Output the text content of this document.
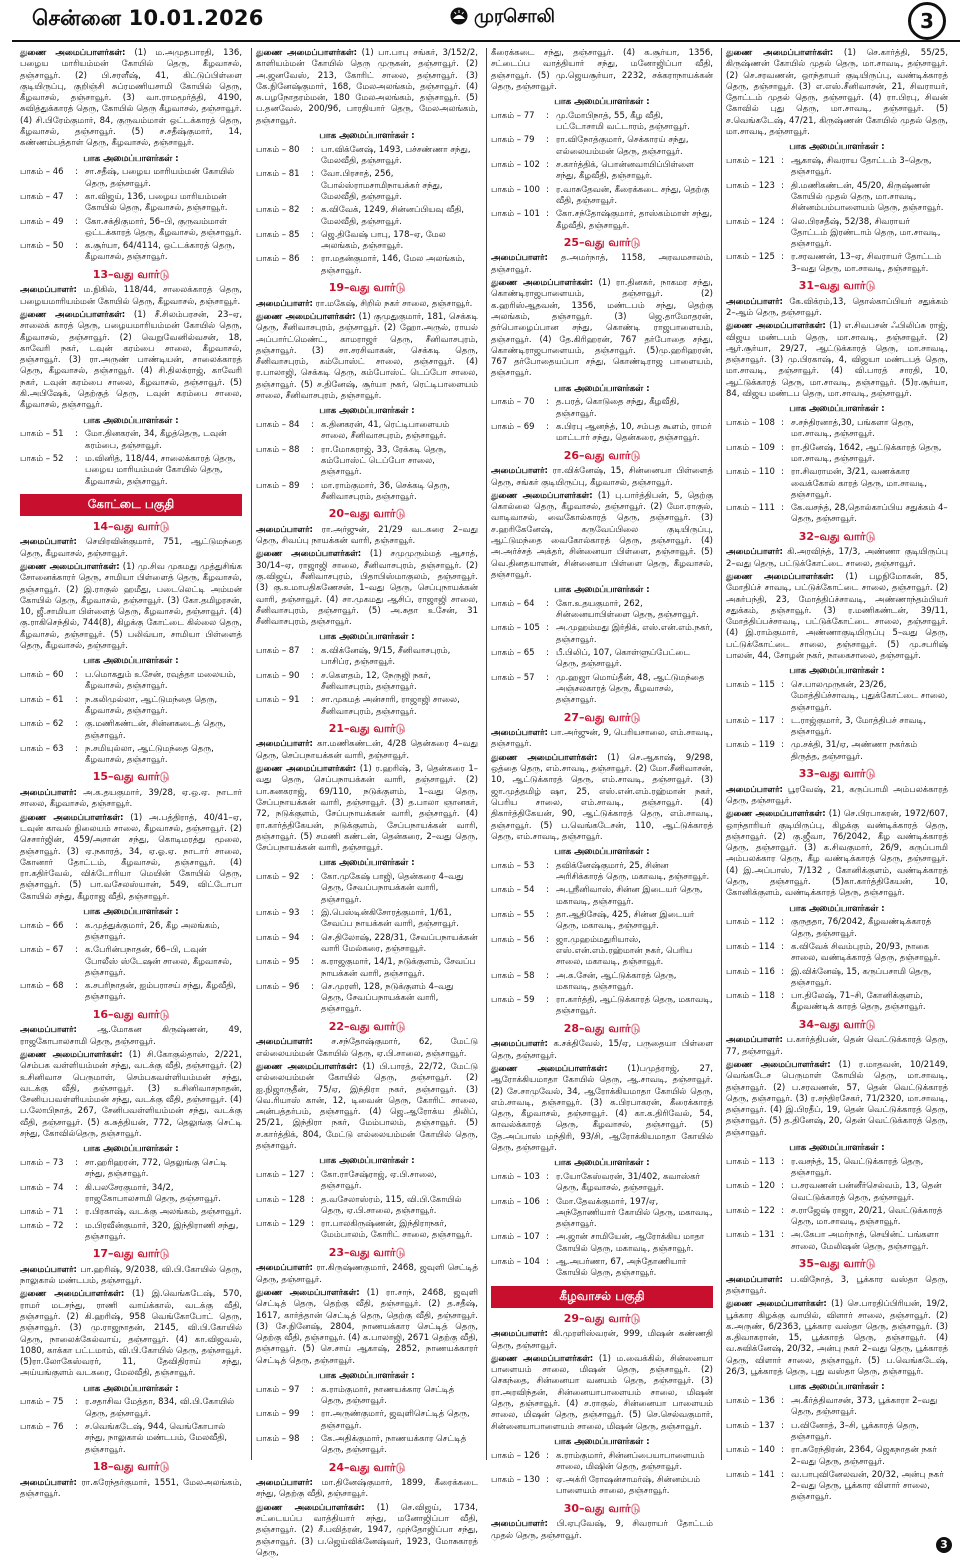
சென்னை 10.01.2026	முரசொலி	3

துணை அமைப்பாளர்கள்: (1) ம.அமுதபாரதி, 136, பழைய மாரியம்மன் கோயில் தெரு, கீழவாசல், தஞ்சாவூர். (2) பி.சரளீஷ், 41, கிட்டுப்பிள்ளை குடியிருப்பு, குறிஞ்சி சுப்ரமணியசாமி கோயில் தெரு, கீழவாசல், தஞ்சாவூர். (3) வா.ராமமூர்த்தி, 4190, சுவித்துக்காரத் தெரு, கோயில் தெரு கீழவாசல், தஞ்சாவூர். (4) சி.பிரேம்குமார், 84, குருவம்மாள் ஒட்டக்காரத் தெரு, கீழவாசல், தஞ்சாவூர். (5) ச.சதீஷ்குமார், 14, கண்ணம்பத்தாள் தெரு, கீழவாசல், தஞ்சாவூர்.

பாக அமைப்பாளர்கள் :
பாகம் – 46	: சா.சதீஷ், பழைய மாரியம்மன் கோயில் தெரு, தஞ்சாவூர்.
பாகம் – 47	: கா.விஜய், 136, பழைய மாரியம்மன் கோயில் தெரு, கீழவாசல், தஞ்சாவூர்.
பாகம் – 49	: கோ.சக்திகுமார், 56–பி, குருவம்மாள் ஒட்டக்காரத் தெரு, கீழவாசல், தஞ்சாவூர்.
பாகம் – 50	: க.சூர்யா, 64/4114, ஒட்டக்காரத் தெரு, கீழவாசல், தஞ்சாவூர்.
13–வது வார்டு

அமைப்பாளர்: ம.நிகில், 118/44, சாலைக்காரத் தெரு, பழையமாரியம்மன் கோயில் தெரு, கீழவாசல், தஞ்சாவூர்.

துணை அமைப்பாளர்கள்: (1) சீ.சிலம்பரசன், 23–ஏ, சாலைக் காரத் தெரு, பழையமாரியம்மன் கோயில் தெரு, கீழவாசல், தஞ்சாவூர். (2) வெறுவேனில்வசன், 18, காவேரி நகர், டவுன் கரம்பை சாலை, கீழவாசல், தஞ்சாவூர். (3) ரா.அருண் பாண்டியன், சாலைக்காரத் தெரு, கீழவாசல், தஞ்சாவூர். (4) சி.திலக்ராஜ், காவேரி நகர், டவுன் கரம்பை சாலை, கீழவாசல், தஞ்சாவூர். (5) கி.அபிஷேக், தெற்குத் தெரு, டவுன் கரம்பை சாலை, கீழவாசல், தஞ்சாவூர்.

பாக அமைப்பாளர்கள் :
பாகம் – 51	: மோ.தினகரன், 34, கீழத்தெரு, டவுன் கரம்பை, தஞ்சாவூர்.
பாகம் – 52	: ம.வினித், 118/44, சாலைக்காரத் தெரு, பழைய மாரியம்மன் கோயில் தெரு, கீழவாசல், தஞ்சாவூர்.
கோட்டை பகுதி
14–வது வார்டு

அமைப்பாளர்: செயிரவின்குமார், 751, ஆட்டுமந்தை தெரு, கீழவாசல், தஞ்சாவூர்.

துணை அமைப்பாளர்கள்: (1) மு.சிவ முகமது முத்துசிங்க சோனைக்காரர் தெரு, சாமியா பிள்ளைத் தெரு, கீழவாசல், தஞ்சாவூர். (2) இ.ராகுல் ஹமீது, படைலெட்டி அம்மன் கோயில் தெரு, கீழவாசல், தஞ்சாவூர். (3) கோ.தமிழரசன், 10, ஜீ.சாமியா பிள்ளைத் தெரு, கீழவாசல், தஞ்சாவூர். (4) கு.ராகிசெந்தில், 744(8), கிழக்கு கோட்டை கில்லை தெரு, கீழவாசல், தஞ்சாவூர். (5) பலிவ்யா, சாமியா பிள்ளைத் தெரு, கீழவாசல், தஞ்சாவூர்.

பாக அமைப்பாளர்கள் :
பாகம் – 60	: ப.மொகதும் உசேன், ரவுத்தா மலையம், கீழவாசல், தஞ்சாவூர்.
பாகம் – 61	: ந.கலிமுல்லா, ஆட்டுமந்தை தெரு, கீழவாசல், தஞ்சாவூர்.
பாகம் – 62	: கு.மணிகண்டன், சின்னகடைத் தெரு, தஞ்சாவூர்.
பாகம் – 63	: ந.சமியுல்லா, ஆட்டுமந்தை தெரு, கீழவாசல், தஞ்சாவூர்.
15–வது வார்டு

அமைப்பாளர்: அ.க.தயகுமார், 39/28, ஏ.ஒ.ஏ. நாடார் சாலை, கீழவாசல், தஞ்சாவூர்.

துணை அமைப்பாளர்கள்: (1) அ.பத்திராத், 40/41–ஏ, டவுன் காவல் நிலையம் சாலை, கீழவாசல், தஞ்சாவூர். (2) செசார்ஜின், 459/அசான் சந்து, கொடிமரத்து மூலை, தஞ்சாவூர். (3) ஏ.நகாரத், 34, ஏ.ஓ.ஏ. நாடார் சாலை, கோனார் தோட்டம், கீழவாசல், தஞ்சாவூர். (4) ரா.கதிர்வேல், விக்டோரியா மெயின் கோயில் தெரு, தஞ்சாவூர். (5) பா.வசேலஸ்யான், 549, விட்டோபா கோயில் சந்து, கீழராஜ வீதி, தஞ்சாவூர்.

பாக அமைப்பாளர்கள் :
பாகம் – 66	: க.முத்துக்குமார், 26, கீழ அலங்கம், தஞ்சாவூர்.
பாகம் – 67	: க.பேரின்பநாதன், 66–பி, டவுன் போலீஸ் ஸ்டேஷன் சாலை, கீழவாசல், தஞ்சாவூர்.
பாகம் – 68	: க.சபரிநாதன், ஐம்பராசய் சந்து, கீழவீதி, தஞ்சாவூர்.
16–வது வார்டு

அமைப்பாளர்: ஆ.மோகன கிருஷ்ணன், 49, ராஜகோபாலசாமி தெரு, தஞ்சாவூர்.

துணை அமைப்பாளர்கள்: (1) சி.கோகுல்தாஸ், 2/221, செம்பக வள்ளியம்மன் சந்து, வடக்கு வீதி, தஞ்சாவூர். (2) உசினிவாச பெருமாள், செம்பகவள்ளியம்மன் சந்து, வடக்கு வீதி, தஞ்சாவூர். (3) உசினிவாசநாதன், சேனியபவள்ளியம்மன் சந்து, வடக்கு வீதி, தஞ்சாவூர். (4) ப.லோபிநாத், 267, சேனிபவள்ளியம்மன் சந்து, வடக்கு வீதி, தஞ்சாவூர். (5) க.சுத்தியன், 772, தெலுங்கு செட்டி சந்து, கோவில்தெரு, தஞ்சாவூர்.

பாக அமைப்பாளர்கள் :
பாகம் – 73	: சா.ஹரிஹரன், 772, தெலுங்கு செட்டி சந்து, தஞ்சாவூர்.
பாகம் – 74	: கி.பலசேரகுமார், 34/2, ராஜகோபாலசாமி தெரு, தஞ்சாவூர்.
பாகம் – 71	: ர.பிரகாஷ், வடக்கு அலங்கம், தஞ்சாவூர்.
பாகம் – 72	: ம.பிரவீன்குமார், 320, இந்திராணி சந்து, தஞ்சாவூர்.
17–வது வார்டு

அமைப்பாளர்: பா.ஹரிஷ், 9/2038, வி.பி.கோயில் தெரு, நாலுகால் மண்டபம், தஞ்சாவூர்.

துணை அமைப்பாளர்கள்: (1) இ.வெங்கடேஷ், 570, ராமர் மடசந்து, ராணி வாய்க்கால், வடக்கு வீதி, தஞ்சாவூர். (2) கி.ஹரிஷ், 958 வெங்கோபோட் தெரு, தஞ்சாவூர். (3) மு.ராஜநாதன், 2145, வி.பி.கோயில் தெரு, நாலைக்கேல்வாய், தஞ்சாவூர். (4) கா.விஜவல், 1080, காக்கா பட்டமாம், வி.பி.கோயில் தெரு, தஞ்சாவூர். (5)ரா.லோகேஸ்வரர், 11, தேவிதிராய் சந்து, அய்யங்குளம் வடகரை, மேலவீதி, தஞ்சாவூர்.

பாக அமைப்பாளர்கள் :
பாகம் – 75	: ர.சதாசிவ மேத்தா, 834, வி.பி.கோயில் தெரு, தஞ்சாவூர்.
பாகம் – 76	: ச.வெங்கடேஷ், 944, வெங்கோபால் சந்து, நாலுகால் மண்டபம், மேலவீதி, தஞ்சாவூர்.
18–வது வார்டு

அமைப்பாளர்: ரா.கரேந்தர்குமார், 1551, மேலஅலங்கம், தஞ்சாவூர்.

துணை அமைப்பாளர்கள்: (1) பா.பாபு சங்கர், 3/152/2, காளியம்மன் கோயில் தெரு முருகன், தஞ்சாவூர். (2) அ.ஜனவேஸ், 213, கோரிட் சாலை, தஞ்சாவூர். (3) கே.நினேஷ்குமார், 168, மேலஅலங்கம், தஞ்சாவூர். (4) சு.பழநோதரம்மன், 180 மேலஅலங்கம், தஞ்சாவூர். (5) ப.தனவேல், 200/96, பாரதியார் தெரு, மேலஅலங்கம், தஞ்சாவூர்.

பாக அமைப்பாளர்கள் :
பாகம் – 80	: பா.விக்னேஷ், 1493, பச்சண்ணா சந்து, மேலவீதி, தஞ்சாவூர்.
பாகம் – 81	: வோ.பிரசாத், 256, போல்ஸ்ராமசாமிநாயக்கர் சந்து, மேலவீதி, தஞ்சாவூர்.
பாகம் – 82	: க.விவேக், 1249, சின்னப்பியவு வீதி, மேலவீதி, தஞ்சாவூர்.
பாகம் – 85	: ஜெ.திவேஷ் பாபு, 178–ஏ, மேல அலங்கம், தஞ்சாவூர்.
பாகம் – 86	: ரா.மதன்குமார், 146, மேல அலங்கம், தஞ்சாவூர்.
19–வது வார்டு

அமைப்பாளர்: ரா.மகேஷ், சிறில் நகர் சாலை, தஞ்சாவூர்.

துணை அமைப்பாளர்கள்: (1) குமுதுகுமார், 181, செக்கடி தெரு, சீனிவாசபுரம், தஞ்சாவூர். (2) ஹோ.அருல், ராயல் அப்பார்ட்மெண்ட், காமராஜர் தெரு, சீனிவாசபுரம், தஞ்சாவூர். (3) சா.சரசிவாகன், செக்கடி தெரு, சீனிவாசபுரம், கம்போஸ்ட் சாலை, தஞ்சாவூர். (4) ர.பாலாஜி, செக்கடி தெரு, கம்போஸ்ட் டெப்போ சாலை, தஞ்சாவூர். (5) ச.தினேஷ், சூர்யா நகர், ரெட்டிபாளையம் சாலை, சீனிவாசபுரம், தஞ்சாவூர்.

பாக அமைப்பாளர்கள் :
பாகம் – 84	: க.தினகரன், 41, ரெட்டிபாளையம் சாலை, சீனிவாசபுரம், தஞ்சாவூர்.
பாகம் – 88	: ரா.மோகராஜ், 33, ரேக்கடி தெரு, கம்போஸ்ட் டெப்போ சாலை, தஞ்சாவூர்.
பாகம் – 89	: மா.ராம்குமார், 36, செக்கடி தெரு, சீனிவாசபுரம், தஞ்சாவூர்.
20–வது வார்டு

அமைப்பாளர்: ரா.அர்ஜுன், 21/29 வடகரை 2–வது தெரு, சிவப்பு நாயக்கன் வாரி, தஞ்சாவூர்.

துணை அமைப்பாளர்கள்: (1) சமுமுரும்மத் ஆசாத், 30/14–ஏ, ராஜாஜி சாலை, சீனிவாசபுரம், தஞ்சாவூர். (2) கு.விஜய், சீனிவாசபுரம், பிதாபிஸ்மாகுலம், தஞ்சாவூர். (3) கு.உமாபதிகணேசன், 1–வது தெரு, செப்புநாயக்கன் வாரி, தஞ்சாவூர். (4) சா.முகமது ஆசிப், ராஜாஜி சாலை, சீனிவாசபுரம், தஞ்சாவூர். (5) அ.சுதா உசேன், 31 சீனிவாசபுரம், தஞ்சாவூர்.

பாக அமைப்பாளர்கள் :
பாகம் – 87	: க.விக்னேஷ், 9/15, சீனிவாசபுரம், பாசிப்ர, தஞ்சாவூர்.
பாகம் – 90	: ச.கௌதம், 12, நேருஜி நகர், சீனிவாசபுரம், தஞ்சாவூர்.
பாகம் – 91	: சா.முகமத் அன்சாரி, ராஜாஜி சாலை, சீனிவாசபுரம், தஞ்சாவூர்.
21–வது வார்டு

அமைப்பாளர்: கா.மணிகண்டன், 4/28 தென்கரை 4–வது தெரு, செப்பநாயக்கன் வாரி, தஞ்சாவூர்.

துணை அமைப்பாளர்கள்: (1) ர.ஹரிஷ், 3, தென்கரை 1–வது தெரு, செப்பநாயக்கன் வாரி, தஞ்சாவூர். (2) பா.கனகராஜ், 69/110, நடுக்குளம், 1–வது தெரு, சேப்பநாயக்கன் வாரி, தஞ்சாவூர். (3) த.பாலா ஞானகர், 72, நடுக்குளம், சேப்பநாயக்கன் வாரி, தஞ்சாவூர். (4) ரா.கார்த்திகேயன், நடுக்குளம், சேப்பநாயக்கன் வாரி, தஞ்சாவூர். (5) சமணி கண்டன், தென்கரை, 2–வது தெரு, சேப்பநாயக்கன் வாரி, தஞ்சாவூர்.

பாக அமைப்பாளர்கள் :
பாகம் – 92	: கோ.முகேஷ் பாஜி, தென்கரை 4–வது தெரு, சேவப்பநாயக்கன் வாரி, தஞ்சாவூர்.
பாகம் – 93	: இ.பெஸ்டின்கிசோரத்குமார், 1/61, சேவப்ப நாயக்கன் வாரி, தஞ்சாவூர்.
பாகம் – 94	: செ.திலோஷ், 228/31, சேவப்பநாயக்கன் வாரி மேல்கரை, தஞ்சாவூர்.
பாகம் – 95	: க.ராஜகுமார், 14/1, நடுக்குளம், சேவப்ப நாயக்கன் வாரி, தஞ்சாவூர்.
பாகம் – 96	: செ.முரளி, 128, நடுக்குளம் 4–வது தெரு, சேவப்பநாயக்கன் வாரி, தஞ்சாவூர்.
22–வது வார்டு

அமைப்பாளர்: ச.சந்தோஷ்குமார், 62, மேட்டு எல்லையம்மன் கோயில் தெரு, ஏ.பி.சாலை, தஞ்சாவூர்.

துணை அமைப்பாளர்கள்: (1) பி.பாரத், 22/72, மேட்டு எல்லையம்மன் கோயில் தெரு, தஞ்சாவூர். (2) ஐ.நிஜாருதீன், 75/ஏ, இந்திரா நகர், தஞ்சாவூர். (3) வெ.ரியாஸ் கான், 12, டிவைன் தெரு, கோரிட் சாலை, அன்பத்தர்பம், தஞ்சாவூர். (4) ஜெ.ஆரோக்ய திலிப், 25/21, இந்திரா நகர், மேம்பாலம், தஞ்சாவூர். (5) ச.கார்த்திக், 804, மேட்டு எல்லையம்மன் கோயில் தெரு, தஞ்சாவூர்.

பாக அமைப்பாளர்கள் :
பாகம் – 127 : கோ.ராசேஷ்ராஜ், ஏ.பி.சாலை, தஞ்சாவூர்.
பாகம் – 128 : த.வசேலாஸ்ரம், 115, வி.பி.கோயில் தெரு, ஏ.பி.சாலை, தஞ்சாவூர்.
பாகம் – 129 : ரா.பாலகிருஷ்ணன், இந்திராநகர், மேம்பாலம், கோரிட் சாலை, தஞ்சாவூர்.
23–வது வார்டு

அமைப்பாளர்: ரா.கிருஷ்ணகுமார், 2468, ஜவுளி செட்டித் தெரு, தஞ்சாவூர்.

துணை அமைப்பாளர்கள்: (1) ரா.சாந், 2468, ஜவுளி செட்டித் தெரு, தெற்கு வீதி, தஞ்சாவூர். (2) த.சதீஷ், 1617, கார்த்தான் செட்டித் தெரு, தெற்கு வீதி, தஞ்சாவூர். (3) சே.நினேஷ், 2804, நாணயக்கார செட்டித் தெரு, தெற்கு வீதி, தஞ்சாவூர். (4) க.பாலாஜி, 2671 தெற்கு வீதி, தஞ்சாவூர். (5) செ.சாய் ஆகாஷ், 2852, நாணயக்காரர் செட்டித் தெரு, தஞ்சாவூர்.

பாக அமைப்பாளர்கள் :
பாகம் – 97	: க.ராம்குமார், நாணயக்கார செட்டித் தெரு, தஞ்சாவூர்.
பாகம் – 99	: ரா.அருண்குமார், ஜவுளிசெட்டித் தெரு, தஞ்சாவூர்.
பாகம் – 98	: கே.அதிக்குமார், நாணயக்கார செட்டித் தெரு, தஞ்சாவூர்.
24–வது வார்டு

அமைப்பாளர்: மா.தினேஷ்குமார், 1899, கீரைக்கடை சந்து, தெற்கு வீதி, தஞ்சாவூர்.

துணை அமைப்பாளர்கள்: (1) செ.விஜய், 1734, சட்டையப்ப வாத்தியார் சந்து, மனோஜிப்பா வீதி, தஞ்சாவூர். (2) சீ.பவித்ரன், 1947, முந்தோஜிப்பா சந்து, தஞ்சாவூர். (3) ப.ஜெய்விக்னேஷ்வர், 1923, மோசுகாரத் தெரு,

கீரைக்கடை சந்து, தஞ்சாவூர். (4) க.சூர்யா, 1356, சட்டைப்ப வாத்தியார் சந்து, மனோஜிப்பா வீதி, தஞ்சாவூர். (5) மு.ஜெயசூர்யா, 2232, சக்கராநாயக்கன் தெரு, தஞ்சாவூர்.

பாக அமைப்பாளர்கள் :
பாகம் – 77	: மு.மோபிநாத், 55, கீழ வீதி, பட்டோசாமி வட்டாரம், தஞ்சாவூர்.
பாகம் – 79	: ரா.விநோத்குமார், செக்காரய் சந்து, எல்லையம்மன் தெரு, தஞ்சாவூர்.
பாகம் – 102 : ச.கார்த்திக், பொன்னவாயிப்பிள்ளை சந்து, கீழவீதி, தஞ்சாவூர்.
பாகம் – 100 : ர.வாசுதேவன், கீரைக்கடை சந்து, தெற்கு வீதி, தஞ்சாவூர்.
பாகம் – 101 : கோ.சந்தோஷ்குமார், தாஸ்கம்மாள் சந்து, கீழவீதி, தஞ்சாவூர்.
25–வது வார்டு

அமைப்பாளர்: த.அமர்நாத், 1158, அரவமசாலம், தஞ்சாவூர்.

துணை அமைப்பாளர்கள்: (1) ரா.தினகர், நாகமர சந்து, கொண்டிராஜபாளையம், தஞ்சாவூர். (2) க.ஹரிஸ்ஆதவன், 1356, மண்டபம் சந்து, தெற்கு அலங்கம், தஞ்சாவூர். (3) ஜெ.தாமோதரன், தர்பொழைப்பான சந்து, கொண்டி ராஜபாளையம், தஞ்சாவூர். (4) தே.கிரிஹரன், 767 தர்போதை சந்து, கொண்டிராஜபாளையம், தஞ்சாவூர். (5)மு.ஹரிஹரன், 767 தர்போதையப்பா சந்து, கொண்டிராஜ பாளையம், தஞ்சாவூர்.

பாக அமைப்பாளர்கள் :
பாகம் – 70	: த.பரத், கொடுதை சந்து, கீழவீதி, தஞ்சாவூர்.
பாகம் – 69	: க.பிரபு ஆனந்த், 10, சம்பத கூளம், ராமர் மாட்டார் சந்து, தென்கரை, தஞ்சாவூர்.
26–வது வார்டு

அமைப்பாளர்: ரா.விக்னேஷ், 15, சின்னையா பிள்ளைத் தெரு, சங்கர் குடியிருப்பு, கீழவாசல், தஞ்சாவூர்.

துணை அமைப்பாளர்கள்: (1) பு.பார்த்திபன், 5, தெற்கு கொல்லை தெரு, கீழவாசல், தஞ்சாவூர். (2) மோ.ராகுல், வாடிவாசல், வைகோல்காரத் தெரு, தஞ்சாவூர். (3) ச.ஹரிகேனேஷ், கருவேப்பிலை குடியிருப்பு, ஆட்டுமந்தை வைகோல்காரத் தெரு, தஞ்சாவூர். (4) அ.அர்ச்சத் அக்தர், சின்னையா பிள்ளை, தஞ்சாவூர். (5) வெ.தினதயாளன், சின்னையா பிள்ளை தெரு, கீழவாசல், தஞ்சாவூர்.

பாக அமைப்பாளர்கள் :
பாகம் – 64	: கோ.உதயகுமார், 262, சின்னையாபிள்ளை தெரு, தஞ்சாவூர்.
பாகம் – 105 : அ.முஹம்மது இர்திக், எஸ்.என்.எம்.நகர், தஞ்சாவூர்.
பாகம் – 65	: பீ.பிலிப், 107, கொள்ளுப்பேட்டை தெரு, தஞ்சாவூர்.
பாகம் – 57	: மு.ஹஜா மொய்தீன், 48, ஆட்டுமந்தை அஞ்சலகாரத் தெரு, கீழவாசல், தஞ்சாவூர்.
27–வது வார்டு

அமைப்பாளர்: பா.அர்ஜுன், 9, பெரியசாலை, எம்.சாவடி, தஞ்சாவூர்.

துணை அமைப்பாளர்கள்: (1) செ.ஆகாஷ், 9/298, ஒத்தை தெரு, எம்.சாவடி, தஞ்சாவூர். (2) மோ.சீனிவாசன், 10, ஆட்டுக்காரத் தெரு, எம்.சாவடி, தஞ்சாவூர். (3) ஜா.முத்தமிழ் ஷா, 25, எஸ்.என்.எம்.ரஹ்மான் நகர், பெரிய சாலை, எம்.சாவடி, தஞ்சாவூர். (4) திகார்த்திகேயன், 90, ஆட்டுக்காரத் தெரு, எம்.சாவடி, தஞ்சாவூர். (5) ப.வெங்கடேசன், 110, ஆட்டுக்காரத் தெரு, எம்.சாவடி, தஞ்சாவூர்.

பாக அமைப்பாளர்கள் :
பாகம் – 53	: தவிக்னேஷ்குமார், 25, சின்ன அரிசிக்காரத் தெரு, மகாவடி, தஞ்சாவூர்.
பாகம் – 54	: அ.ஸ்ரீனிவாஸ், சின்ன இடையர் தெரு, மகாவடி, தஞ்சாவூர்.
பாகம் – 55	: தா.ஆதிசேஷ், 425, சின்ன இடையர் தெரு, மகாவடி, தஞ்சாவூர்.
பாகம் – 56	: ஜா.முஹம்மதுரியாஸ், எஸ்.என்.எம்.ரஹ்மான் நகர், பெரிய சாலை, மகாவடி, தஞ்சாவூர்.
பாகம் – 58	: அ.க.சேன், ஆட்டுக்காரத் தெரு, மகாவடி, தஞ்சாவூர்.
பாகம் – 59	: ரா.கார்த்தி, ஆட்டுக்காரத் தெரு, மகாவடி, தஞ்சாவூர்.
28–வது வார்டு

அமைப்பாளர்: க.சக்திவேல், 15/ஏ, பருதையா பிள்ளை தெரு, தஞ்சாவூர்.

துணை அமைப்பாளர்கள்: (1)பமுத்ராஜ், 27, ஆரோக்கியமாதா கோயில் தெரு, ஆ.சாவடி, தஞ்சாவூர். (2) சே.சாமுவேல், 34, ஆரோக்கியமாதா கோயில் தெரு, எம்.சாவடி, தஞ்சாவூர். (3) க.பிரபாகரன், கீரைக்காரத் தெரு, கீழவாசல், தஞ்சாவூர். (4) கா.க.திரிவேல், 54, காவல்க்காரத் தெரு, கீழவாசல், தஞ்சாவூர். (5) தே.அப்பாஸ் மந்திரி, 93/சி, ஆரோக்கியமாதா கோயில் தெரு, தஞ்சாவூர்.

பாக அமைப்பாளர்கள் :
பாகம் – 103 : ர.யோகேஸ்வரன், 31/402, கவாஸ்கர் தெரு, கீழவாசல், தஞ்சாவூர்.
பாகம் – 106 : மோ.தேவக்குமார், 197/ஏ, அந்தோணியார் கோயில் தெரு, மகாவடி, தஞ்சாவூர்.
பாகம் – 107 : அ.ஜான் சாமியேன், ஆரோக்கிய மாதா கோயில் தெரு, மகாவடி, தஞ்சாவூர்.
பாகம் – 104 : ஆ.அபர்ணா, 67, அந்தோணியார் கோயில் தெரு, தஞ்சாவூர்.
கீழவாசல் பகுதி
29–வது வார்டு

அமைப்பாளர்: கி.முரளிஸ்வரன், 999, மிஷன் கண்ணதி தெரு, தஞ்சாவூர்.

துணை அமைப்பாளர்கள்: (1) ம.வைக்கில், சின்னையா பாளையம் சாலை, மிஷன் தெரு, தஞ்சாவூர். (2) செகந்தை, சின்னையா வனயம் தெரு, தஞ்சாவூர். (3) ரா.அரவிந்தன், சின்னையாபாளையம் சாலை, மிஷன் தெரு, தஞ்சாவூர். (4) ச.ராகுல், சின்னையா பாளையம் சாலை, மிஷன் தெரு, தஞ்சாவூர். (5) செ.செல்வகுமார், சின்னையாபாளையம் சாலை, மிஷன் தெரு, தஞ்சாவூர்.

பாக அமைப்பாளர்கள் :
பாகம் – 126 : க.ராம்குமார், சின்னப்பையாபாளையம் சாலை, மிஷின் தெரு, தஞ்சாவூர்.
பாகம் – 130 : ஏ.அக்ரி ரோஷன்சாமர்ஷ், சின்னம்பம் பாளையம் சாலை, தஞ்சாவூர்.
30–வது வார்டு

அமைப்பாளர்: பி.ஏபுவேஷ், 9, சிவராயர் தோட்டம் முதல் தெரு, தஞ்சாவூர்.

துணை அமைப்பாளர்கள்: (1) செ.கார்த்தி, 55/25, கிருஷ்ணன் கோயில் முதல் தெரு, மா.சாவடி, தஞ்சாவூர். (2) செ.சரவணன், ஒாந்தாயர் குடியிருப்பு, வண்டிக்காரத் தெரு, தஞ்சாவூர். (3) எ.எஸ்.சீனிவாசன், 21, சிவராயர், தோட்டம் முதல் தெரு, தஞ்சாவூர். (4) ரா.பிரபு, சிவன் கோவில் புது தெரு, மா.சாவடி, தஞ்சாவூர். (5) ச.வெங்கடேஷ், 47/21, கிருஷ்ணன் கோயில் முதல் தெரு, மா.சாவடி, தஞ்சாவூர்.

பாக அமைப்பாளர்கள் :
பாகம் – 121 : ஆகாஷ், சிவராய தோட்டம் 3–தெரு, தஞ்சாவூர்.
பாகம் – 123 : தி.மணிகண்டன், 45/20, கிருஷ்ணன் கோயில் முதல் தெரு, மா.சாவடி, சின்னம்பம்பாளையம் தெரு, தஞ்சாவூர்.
பாகம் – 124 : லெ.பிரசதீஷ், 52/38, சிவராயர் தோட்டம் இரண்டாம் தெரு, மா.சாவடி, தஞ்சாவூர்.
பாகம் – 125 : ர.சரவணன், 13–ஏ, சிவராயர் தோட்டம் 3–வது தெரு, மா.சாவடி, தஞ்சாவூர்.
31–வது வார்டு

அமைப்பாளர்: கே.விக்ரம்,13, தொல்காப்பியர் சதுக்கம் 2–ஆம் தெரு, தஞ்சாவூர்.

துணை அமைப்பாளர்கள்: (1) எ.சிவபசன் ஃபிலிப்சு ராஜ், விஜய மண்டபம் தெரு, மா.சாவடி, தஞ்சாவூர். (2) ஆர்.சூர்யா, 29/27, ஆட்டுக்காரத் தெரு, மா.சாவடி, தஞ்சாவூர். (3) மு.பிரகாஷ், 4, விஜயா மண்டபத் தெரு, மா.சாவடி, தஞ்சாவூர். (4) வி.பாரத் சாரதி, 10, ஆட்டுக்காரத் தெரு, மா.சாவடி, தஞ்சாவூர். (5)ர.சூர்யா, 84, விஜய மண்டப தெரு, மா.சாவடி, தஞ்சாவூர்.

பாக அமைப்பாளர்கள் :
பாகம் – 108 : ச.சந்திரனாத்,30, பங்களா தெரு, மா.சாவடி, தஞ்சாவூர்.
பாகம் – 109 : ரா.தினேஷ், 1642, ஆட்டுக்காரத் தெரு, மா.சாவடி, தஞ்சாவூர்.
பாகம் – 110 : ரா.சிவராமன், 3/21, வணக்கார வைக்கோல் காரத் தெரு, மா.சாவடி, தஞ்சாவூர்.
பாகம் – 111 : கே.வசந்த், 28,தொல்காப்பிய சதுக்கம் 4–தெரு, தஞ்சாவூர்.
32–வது வார்டு

அமைப்பாளர்: கி.அரவிந்த், 17/3, அண்ணா குடியிருப்பு 2–வது தெரு, பட்டுக்கோட்டை சாலை, தஞ்சாவூர்.

துணை அமைப்பாளர்கள்: (1) பழநிமோகன், 85, மோதிப்ச் சாவடி, பட்டுக்கோட்டை சாலை, தஞ்சாவூர். (2) அசுர்பந்தி, 23, மோத்திப்ச்சாவடி, அண்ணாந்தம்பியர் சதுக்கம், தஞ்சாவூர். (3) ர.மணிகண்டன், 39/11, மோத்திப்பச்சாவடி, பட்டுக்கோட்டை சாலை, தஞ்சாவூர். (4) இ.ராம்குமார், அண்ணாகுடியிருப்பு 5–வது தெரு, பட்டுக்கோட்டை சாலை, தஞ்சாவூர். (5) மு.சபரிஷ் பாலன், 44, சோழன் நகர், நாகைசாலை, தஞ்சாவூர்.

பாக அமைப்பாளர்கள் :
பாகம் – 115 : செ.பாலமுருகன், 23/26, மோத்திப்ச்சாவடி, புதுக்கோட்டை சாலை, தஞ்சாவூர்.
பாகம் – 117 : ட.ராஜ்குமார், 3, மோத்திபச் சாவடி, தஞ்சாவூர்.
பாகம் – 119 : மு.சக்தி, 31/ஏ, அண்ணா நகர்கம் திருத்த, தஞ்சாவூர்.
33–வது வார்டு

அமைப்பாளர்: பூரவேஷ், 21, கருப்பாமி அம்பலக்காரத் தெரு, தஞ்சாவூர்.

துணை அமைப்பாளர்கள்: (1) செ.பிரபாகரன், 1972/607, ஒாந்தாரியர் குடியிருப்பு, கிழக்கு வண்டிக்காரத் தெரு, தஞ்சாவூர். (2) கு.ஜீவா, 76/2042, கீழ வண்டிக்காரத் தெரு, தஞ்சாவூர். (3) க.சிவகுமார், 26/9, கருப்பாமி அம்பலக்கார தெரு, கீழ வண்டிக்காரத் தெரு, தஞ்சாவூர். (4) இ.அப்பாஸ், 7/132 , கோனிக்குளம், வண்டிக்காரத் தெரு, தஞ்சாவூர். (5)கா.கார்த்திகேயன், 10, கோனிக்குளம், வண்டிக்காரத் தெரு, தஞ்சாவூர்.

பாக அமைப்பாளர்கள் :
பாகம் – 112 : குருததா, 76/2042, கீழவண்டிக்காரத் தெரு, தஞ்சாவூர்.
பாகம் – 114 : க.விவேக் சிவம்புரம், 20/93, நாகை சாலை, வண்டிக்காரத் தெரு, தஞ்சாவூர்.
பாகம் – 116 : இ.விக்னேஷ், 15, கருப்பசாமி தெரு, தஞ்சாவூர்.
பாகம் – 118 : பா.திலேஷ், 71–சி, கோனிக்குளம், கீழவண்டிக் காரத் தெரு, தஞ்சாவூர்.
34–வது வார்டு

அமைப்பாளர்: ப.கார்த்திபன், தென் வெட்டுக்காரத் தெரு, 77, தஞ்சாவூர்.

துணை அமைப்பாளர்கள்: (1) ர.மாதவன், 10/2149, வெங்கடேச பெருமாள் கோயில் தெரு, மா.சாவடி, தஞ்சாவூர். (2) ப.சரவணன், 57, தென் வெட்டுக்காரத் தெரு, தஞ்சாவூர். (3) ர.சந்திரசேகர், 71/2320, மா.சாவடி, தஞ்சாவூர். (4) இ.பிரதீப், 19, தென் வெட்டுக்காரத் தெரு, தஞ்சாவூர். (5) த.தினேஷ், 20, தென் வெட்டுக்காரத் தெரு, தஞ்சாவூர்.

பாக அமைப்பாளர்கள் :
பாகம் – 113 : ர.வசந்த், 15, வெட்டுக்காரத் தெரு, தஞ்சாவூர்.
பாகம் – 120 : ப.சரவணன் பன்னீர்செல்வம், 13, தென் வெட்டுக்காரத் தெரு, தஞ்சாவூர்.
பாகம் – 122 : ச.ராஜேஷ் ராஜா, 20/21, வெட்டுக்காரத் தெரு, மா.சாவடி, தஞ்சாவூர்.
பாகம் – 131 : அ.கேபா அமர்நாத், செயின்ட் பங்களா சாலை, மேலிஷன் தெரு, தஞ்சாவூர்.
35–வது வார்டு

அமைப்பாளர்: ப.விநோத், 3, பூக்கார வஸ்தா தெரு, தஞ்சாவூர்.

துணை அமைப்பாளர்கள்: (1) செ.பாரதிப்பிரியன், 19/2, பூக்கார கிழக்கு வாயில், விளார் சாலை, தஞ்சாவூர். (2) க.அருண், 6/2363, பூக்கார வஸ்தா தெரு, தஞ்சாவூர். (3) க.திவாகரான், 15, பூக்காரத் தெரு, தஞ்சாவூர். (4) வ.சுவிக்னேஷ், 20/32, அன்பு நகர் 2–வது தெரு, பூக்காரத் தெரு, விளார் சாலை, தஞ்சாவூர். (5) ப.வெங்கடேஷ், 26/3, பூக்காரத் தெரு, புது வஸ்தா தெரு, தஞ்சாவூர்.

பாக அமைப்பாளர்கள் :
பாகம் – 136 : அ.கீர்த்திவாசன், 373, பூக்காரா 2–வது தெரு, தஞ்சாவூர்.
பாகம் – 137 : ப.வினோத், 3–சி, பூக்காரத் தெரு, தஞ்சாவூர்.
பாகம் – 140 : ரா.சுரேந்திரன், 2364, ஜெகநாதன் நகர் 2–வது தெரு, தஞ்சாவூர்.
பாகம் – 141 : வ.பாபுவினேலவன், 20/32, அன்பு நகர் 2–வது தெரு, பூக்கார விளார் சாலை, தஞ்சாவூர்.
3
